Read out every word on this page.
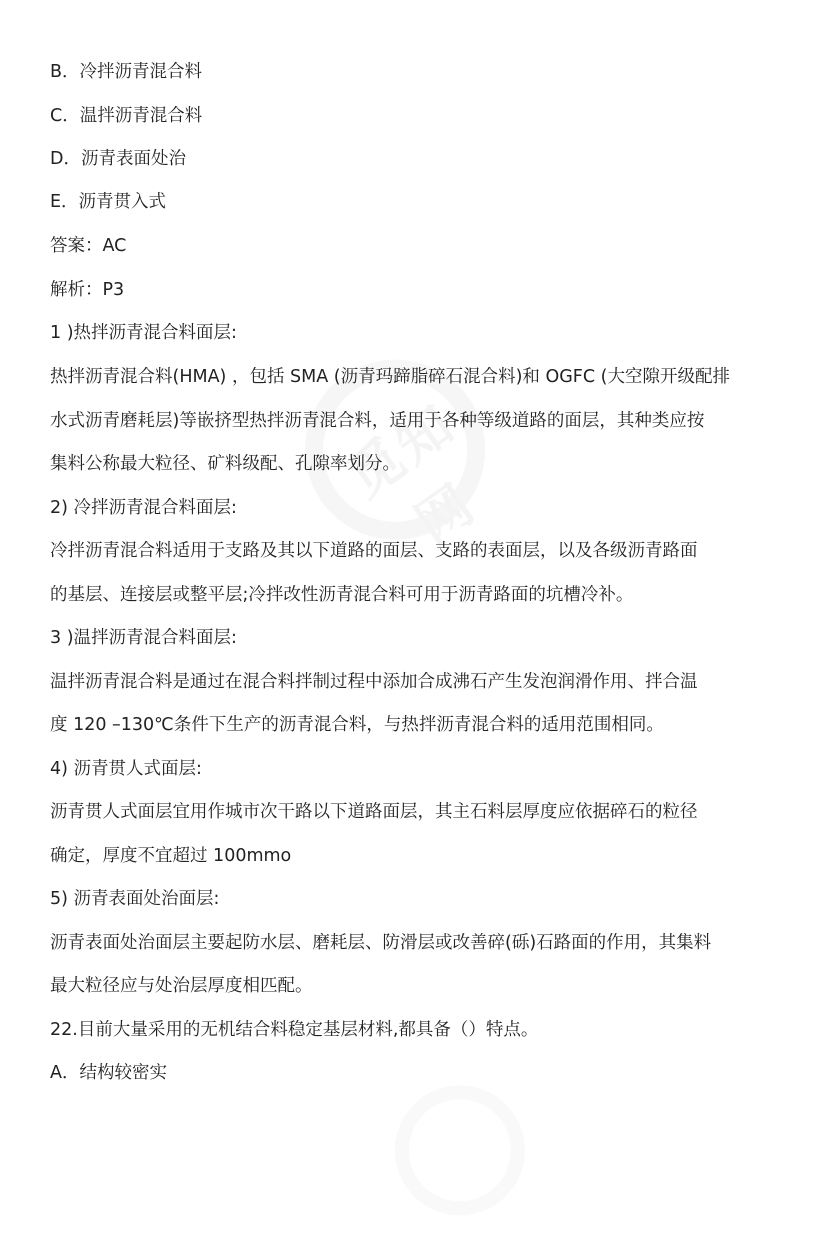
觅知网
B．冷拌沥青混合料
C．温拌沥青混合料
D．沥青表面处治
E．沥青贯入式
答案：AC
解析：P3
1 )热拌沥青混合料面层:
热拌沥青混合料(HMA) ，包括 SMA (沥青玛蹄脂碎石混合料)和 OGFC (大空隙开级配排
水式沥青磨耗层)等嵌挤型热拌沥青混合料，适用于各种等级道路的面层，其种类应按
集料公称最大粒径、矿料级配、孔隙率划分。
2) 冷拌沥青混合料面层:
冷拌沥青混合料适用于支路及其以下道路的面层、支路的表面层，以及各级沥青路面
的基层、连接层或整平层;冷拌改性沥青混合料可用于沥青路面的坑槽冷补。
3 )温拌沥青混合料面层:
温拌沥青混合料是通过在混合料拌制过程中添加合成沸石产生发泡润滑作用、拌合温
度 120 –130℃条件下生产的沥青混合料，与热拌沥青混合料的适用范围相同。
4) 沥青贯人式面层:
沥青贯人式面层宜用作城市次干路以下道路面层，其主石料层厚度应依据碎石的粒径
确定，厚度不宜超过 100mmo
5) 沥青表面处治面层:
沥青表面处治面层主要起防水层、磨耗层、防滑层或改善碎(砾)石路面的作用，其集料
最大粒径应与处治层厚度相匹配。
22.目前大量采用的无机结合料稳定基层材料,都具备（）特点。
A．结构较密实
